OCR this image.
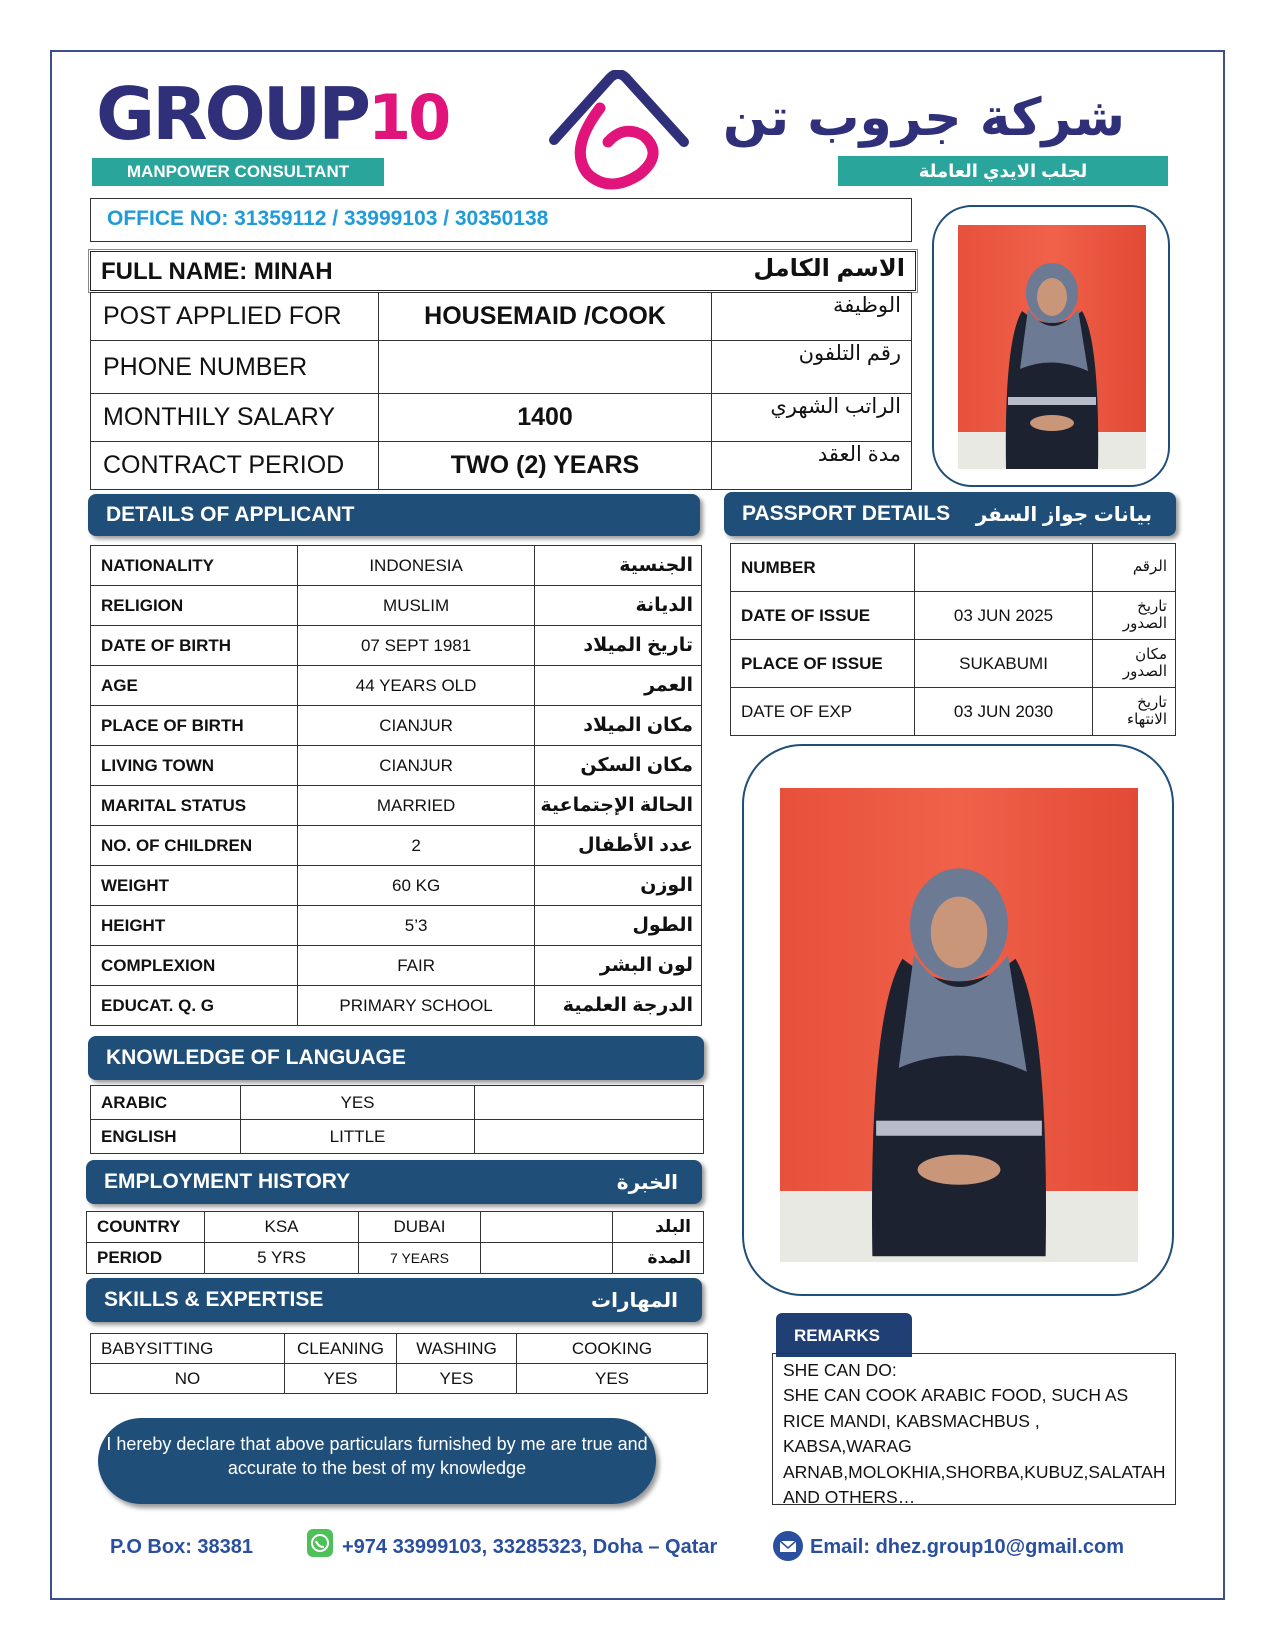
GROUP10
MANPOWER CONSULTANT
شركة جروب تن
لجلب الايدي العاملة
OFFICE NO: 31359112 / 33999103 / 30350138
FULL NAME: MINAH	الاسم الكامل
POST APPLIED FOR	HOUSEMAID /COOK	الوظيفة
PHONE NUMBER		رقم التلفون
MONTHILY SALARY	1400	الراتب الشهري
CONTRACT PERIOD	TWO (2) YEARS	مدة العقد
DETAILS OF APPLICANT
NATIONALITY	INDONESIA	الجنسية
RELIGION	MUSLIM	الديانة
DATE OF BIRTH	07 SEPT 1981	تاريخ الميلاد
AGE	44 YEARS OLD	العمر
PLACE OF BIRTH	CIANJUR	مكان الميلاد
LIVING TOWN	CIANJUR	مكان السكن
MARITAL STATUS	MARRIED	الحالة الإجتماعية
NO. OF CHILDREN	2	عدد الأطفال
WEIGHT	60 KG	الوزن
HEIGHT	5’3	الطول
COMPLEXION	FAIR	لون البشر
EDUCAT. Q. G	PRIMARY SCHOOL	الدرجة العلمية
PASSPORT DETAILS بيانات جواز السفر
NUMBER		الرقم
DATE OF ISSUE	03 JUN 2025	تاريخ الصدور
PLACE OF ISSUE	SUKABUMI	مكان الصدور
DATE OF EXP	03 JUN 2030	تاريخ الانتهاء
KNOWLEDGE OF LANGUAGE
ARABIC	YES	
ENGLISH	LITTLE	
EMPLOYMENT HISTORY	الخبرة
COUNTRY	KSA	DUBAI		البلد
PERIOD	5 YRS	7 YEARS		المدة
SKILLS & EXPERTISE	المهارات
BABYSITTING	CLEANING	WASHING	COOKING
NO	YES	YES	YES
I hereby declare that above particulars furnished by me are true and accurate to the best of my knowledge
REMARKS
SHE CAN DO:
SHE CAN COOK ARABIC FOOD, SUCH AS RICE MANDI, KABSMACHBUS , KABSA,WARAG ARNAB,MOLOKHIA,SHORBA,KUBUZ,SALATAH AND OTHERS…
P.O Box: 38381	+974 33999103, 33285323, Doha – Qatar	Email: dhez.group10@gmail.com
